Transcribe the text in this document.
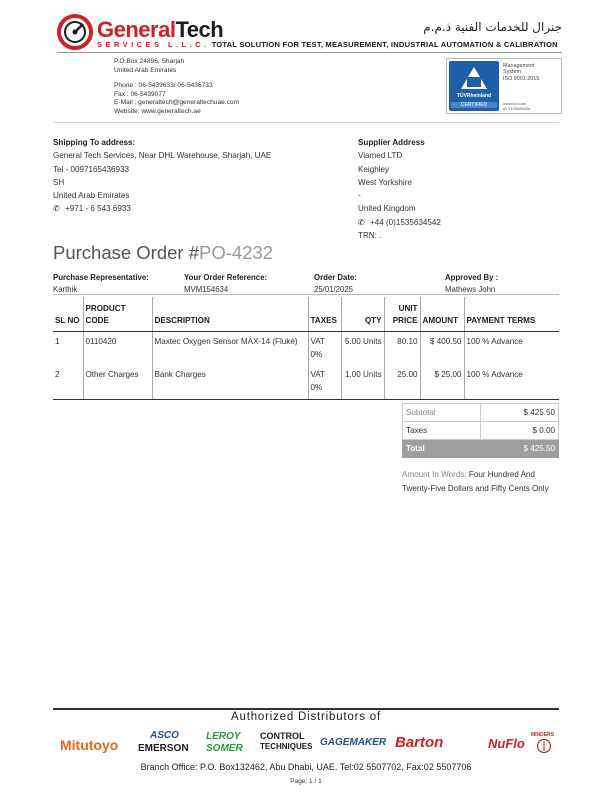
GeneralTech	جنرال للخدمات الفنية ذ.م.م
SERVICES L.L.C. TOTAL SOLUTION FOR TEST, MEASUREMENT, INDUSTRIAL AUTOMATION & CALIBRATION
P.O.Box 24896, Sharjah
United Arab Emirates
Phone : 06-5439633/ 06-5436733
Fax : 06-5439077
E-Mail : generaltech@generaltechuae.com
Website: www.generaltech.ae
TÜVRheinland
CERTIFIED
Management
System
ISO 9001:2015
www.tuv.com
ID 9105085006
Shipping To address:
General Tech Services, Near DHL Warehouse, Sharjah, UAE
Tel - 0097165436933
SH
United Arab Emirates
✆ +971 - 6 543 6933
Supplier Address
Viamed LTD
Keighley
West Yorkshire
-
United Kingdom
✆ +44 (0)1535634542
TRN: .
Purchase Order #PO-4232
Purchase Representative:
Karthik
Your Order Reference:
MVM154634
Order Date:
25/01/2025
Approved By :
Mathews John
SL NO	PRODUCT CODE	DESCRIPTION	TAXES	QTY	UNIT PRICE	AMOUNT	PAYMENT TERMS
1	0110420	Maxtec Oxygen Sensor MAX-14 (Fluke)	VAT 0%	5.00 Units	80.10	$ 400.50	100 % Advance
2	Other Charges	Bank Charges	VAT 0%	1.00 Units	25.00	$ 25.00	100 % Advance
Subtotal	$ 425.50
Taxes	$ 0.00
Total	$ 425.50
Amount In Words: Four Hundred And Twenty-Five Dollars and Fifty Cents Only
Authorized Distributors of
Mitutoyo
ASCO
EMERSON
LEROY
SOMER
CONTROL
TECHNIQUES GAGEMAKER Barton	NuFlo
MINDERS
Branch Office: P.O. Box132462, Abu Dhabi, UAE. Tel:02 5507702, Fax:02 5507706
Page: 1 / 1
